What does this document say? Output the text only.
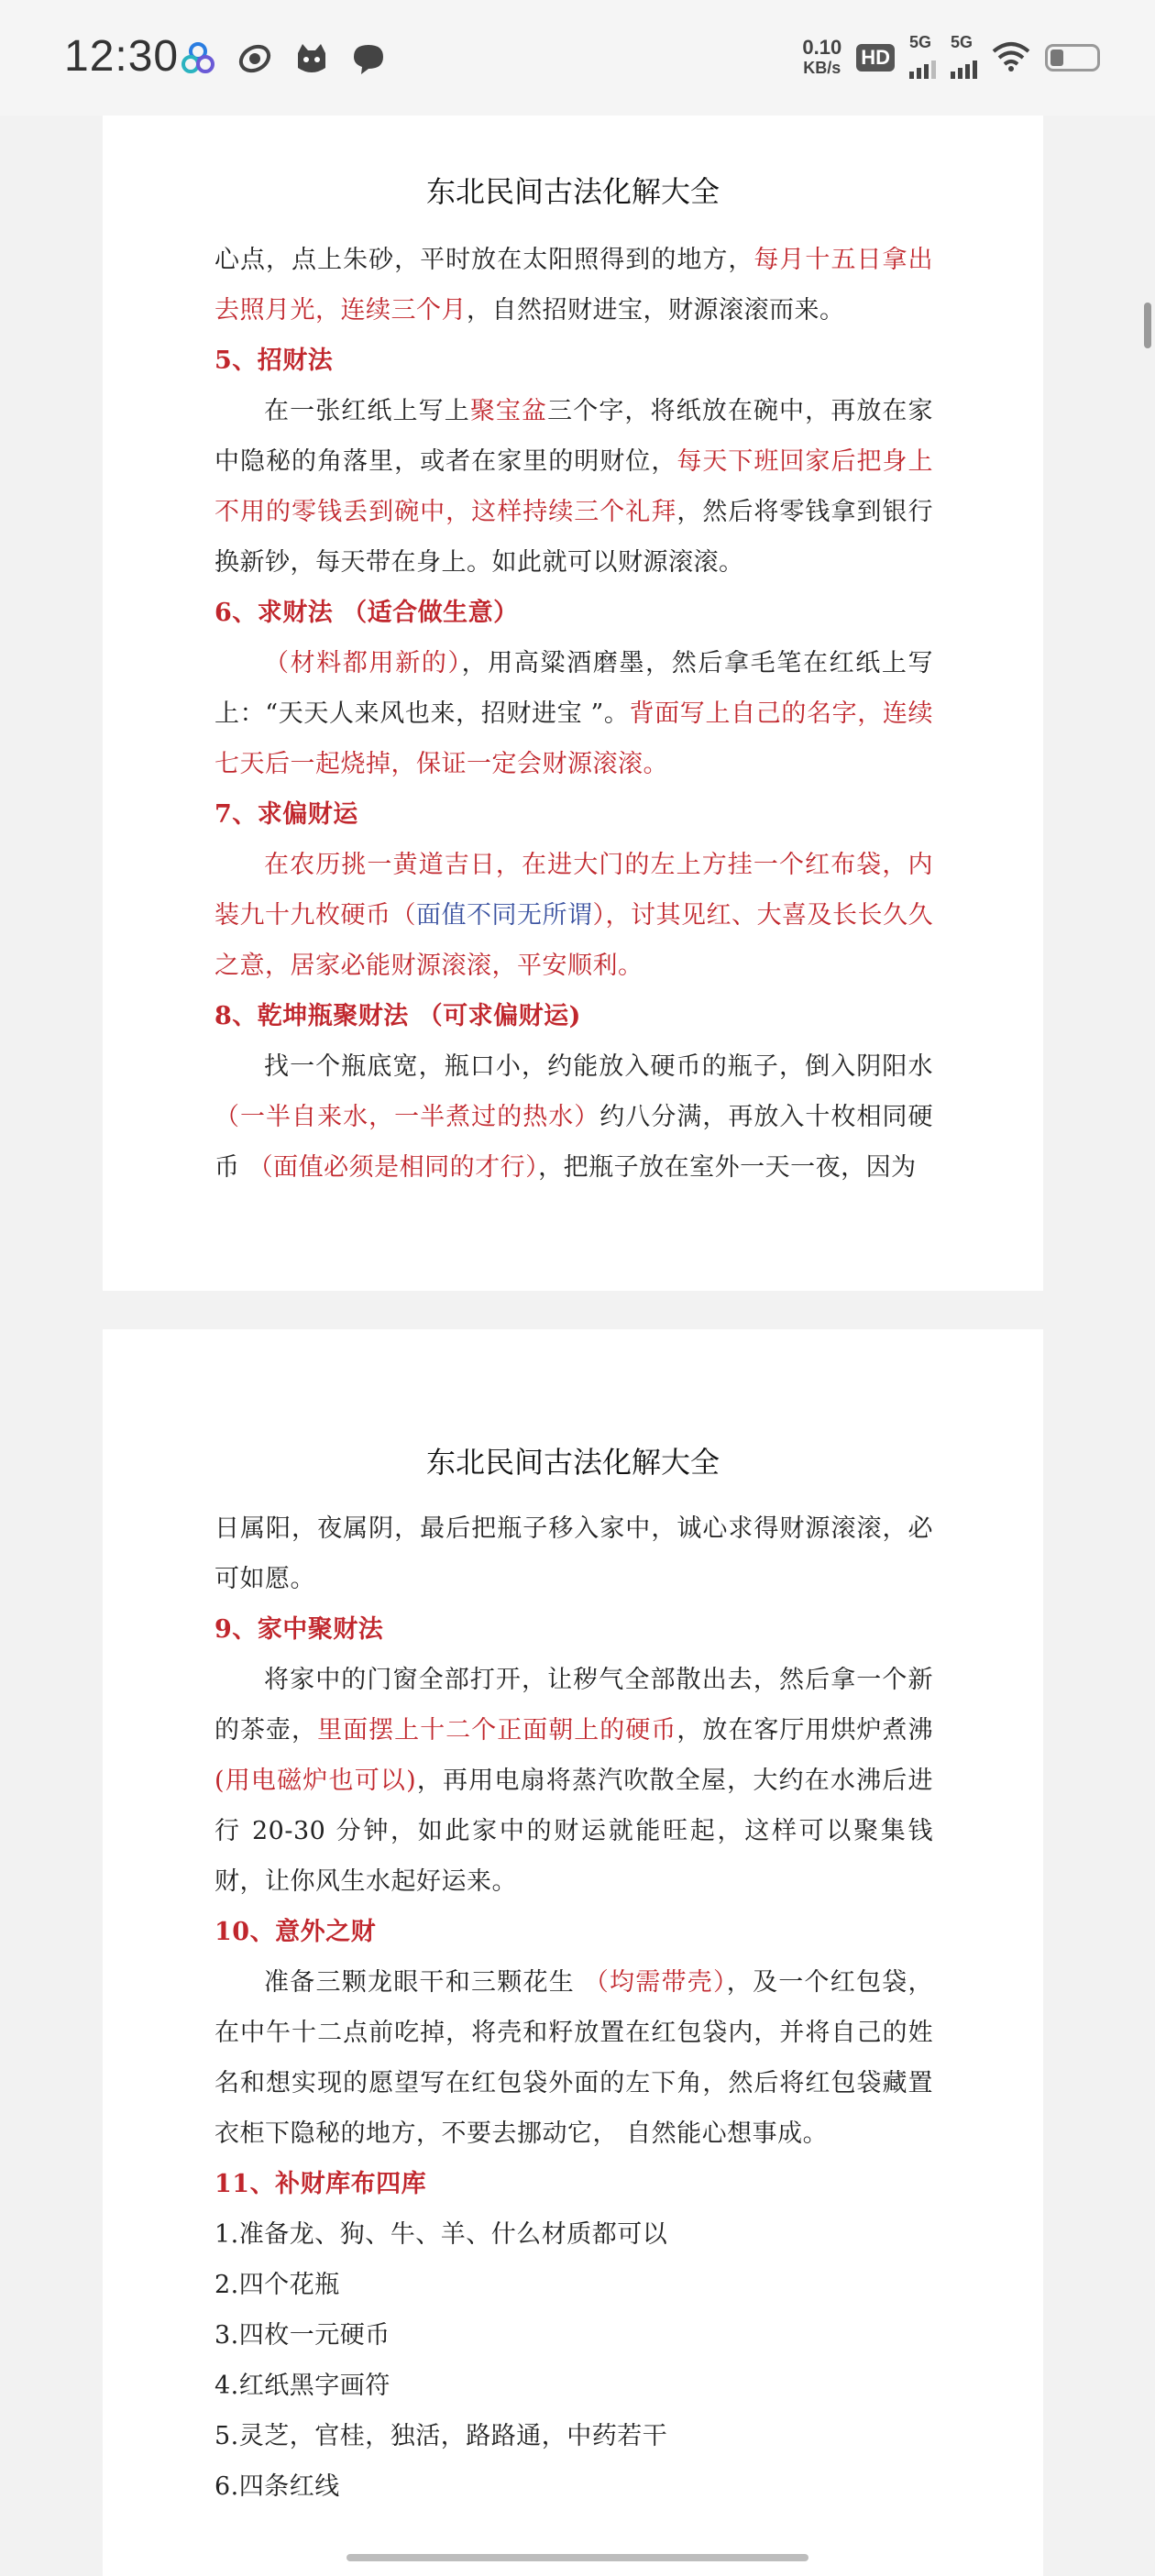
12:30	0.10
KB/s HD
5G 5G
东北民间古法化解大全

心点，点上朱砂，平时放在太阳照得到的地方，每月十五日拿出去照月光，连续三个月，自然招财进宝，财源滚滚而来。

5、招财法

在一张红纸上写上聚宝盆三个字，将纸放在碗中，再放在家中隐秘的角落里，或者在家里的明财位，每天下班回家后把身上不用的零钱丢到碗中，这样持续三个礼拜，然后将零钱拿到银行换新钞，每天带在身上。如此就可以财源滚滚。

6、求财法 （适合做生意）

（材料都用新的），用高粱酒磨墨，然后拿毛笔在红纸上写上：“天天人来风也来，招财进宝 ”。背面写上自己的名字，连续七天后一起烧掉，保证一定会财源滚滚。

7、求偏财运

在农历挑一黄道吉日，在进大门的左上方挂一个红布袋，内装九十九枚硬币（面值不同无所谓），讨其见红、大喜及长长久久之意，居家必能财源滚滚，平安顺利。

8、乾坤瓶聚财法 （可求偏财运)

找一个瓶底宽，瓶口小，约能放入硬币的瓶子，倒入阴阳水（一半自来水，一半煮过的热水）约八分满，再放入十枚相同硬币 （面值必须是相同的才行），把瓶子放在室外一天一夜，因为

东北民间古法化解大全

日属阳，夜属阴，最后把瓶子移入家中，诚心求得财源滚滚，必可如愿。

9、家中聚财法

将家中的门窗全部打开，让秽气全部散出去，然后拿一个新的茶壶，里面摆上十二个正面朝上的硬币，放在客厅用烘炉煮沸(用电磁炉也可以)，再用电扇将蒸汽吹散全屋，大约在水沸后进行 20-30 分钟，如此家中的财运就能旺起，这样可以聚集钱财，让你风生水起好运来。

10、意外之财

准备三颗龙眼干和三颗花生 （均需带壳），及一个红包袋，在中午十二点前吃掉，将壳和籽放置在红包袋内，并将自己的姓名和想实现的愿望写在红包袋外面的左下角，然后将红包袋藏置衣柜下隐秘的地方，不要去挪动它， 自然能心想事成。

11、补财库布四库

1.准备龙、狗、牛、羊、什么材质都可以

2.四个花瓶

3.四枚一元硬币

4.红纸黑字画符

5.灵芝，官桂，独活，路路通，中药若干

6.四条红线
